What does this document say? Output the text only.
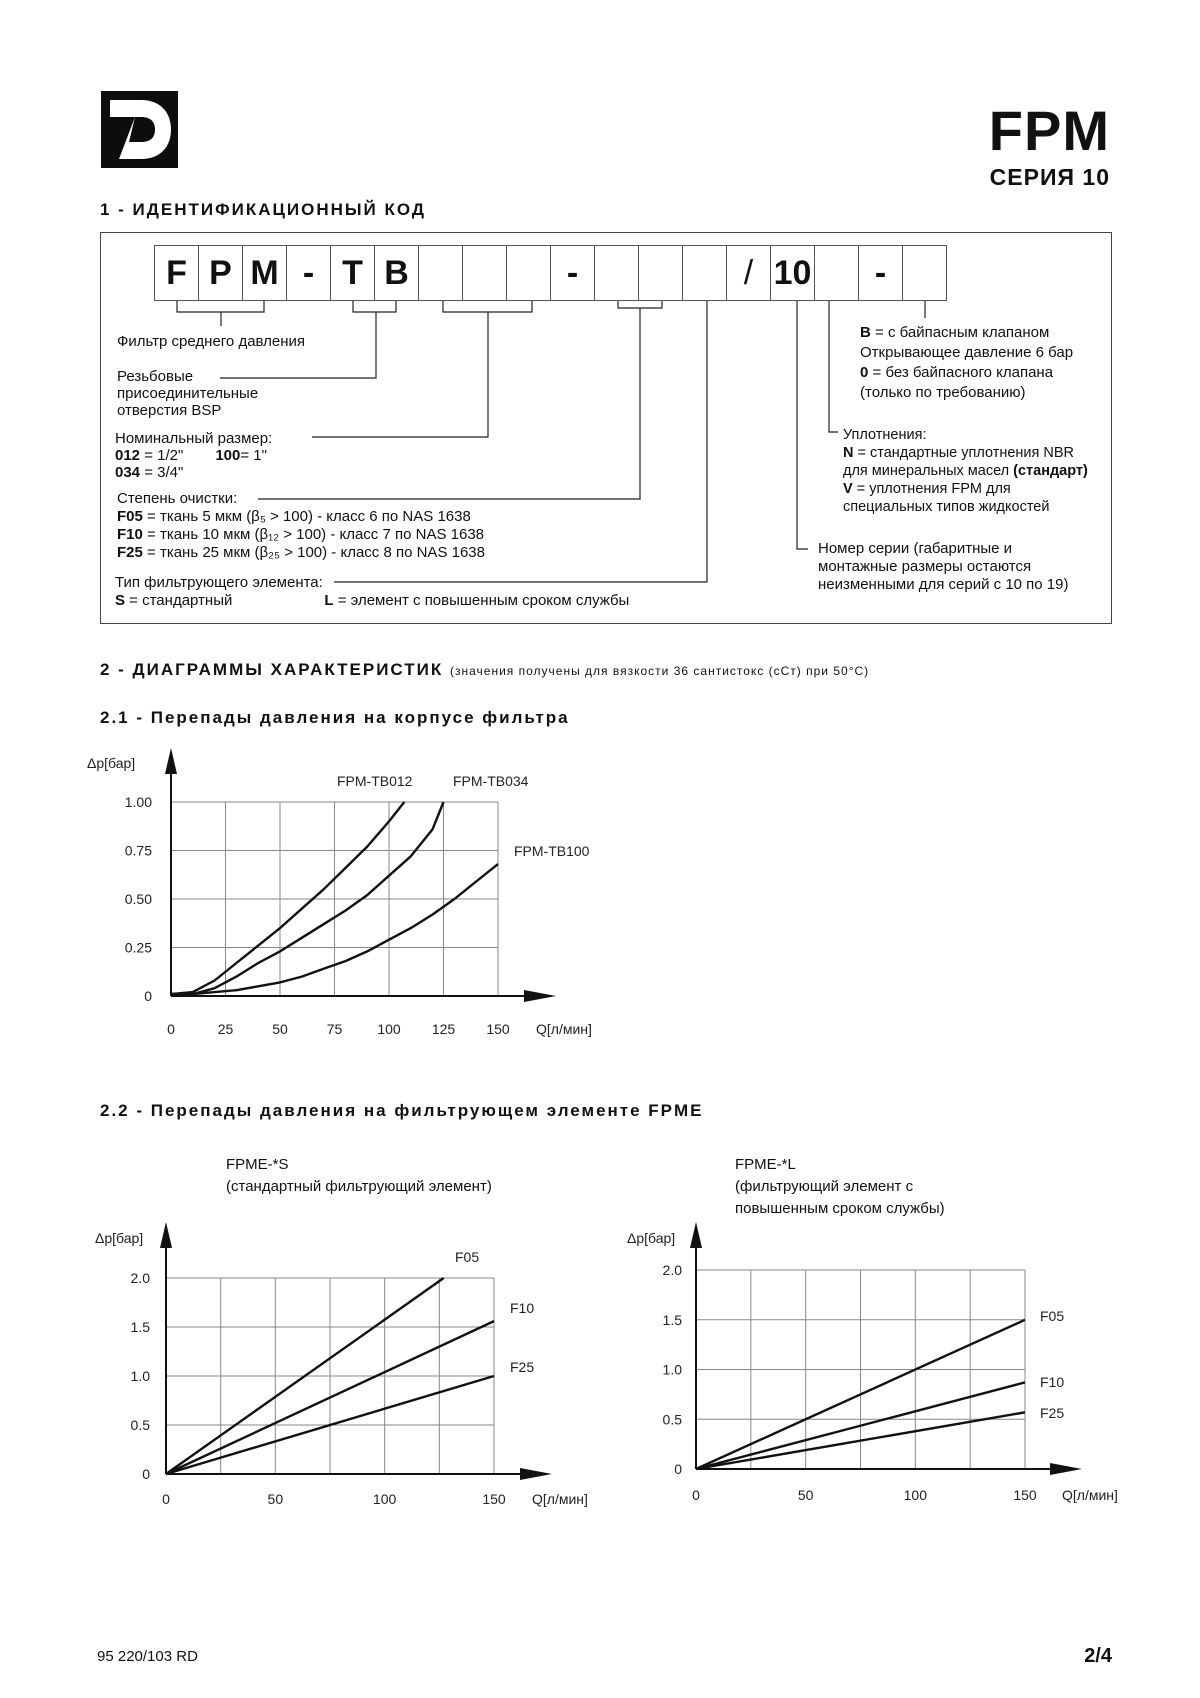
FPM
СЕРИЯ 10
1 - ИДЕНТИФИКАЦИОННЫЙ КОД
F P M - T B	-	/ 10	-
Фильтр среднего давления
Резьбовые
присоединительные
отверстия BSP
Номинальный размер:
012 = 1/2" 100= 1"
034 = 3/4"
Степень очистки:
F05 = ткань 5 мкм (β₅ > 100) - класс 6 по NAS 1638
F10 = ткань 10 мкм (β₁₂ > 100) - класс 7 по NAS 1638
F25 = ткань 25 мкм (β₂₅ > 100) - класс 8 по NAS 1638
Тип фильтрующего элемента:
S = стандартный	L = элемент с повышенным сроком службы
B = с байпасным клапаном
Открывающее давление 6 бар
0 = без байпасного клапана
(только по требованию)
Уплотнения:
N = стандартные уплотнения NBR
для минеральных масел (стандарт)
V = уплотнения FPM для
специальных типов жидкостей
Номер серии (габаритные и
монтажные размеры остаются
неизменными для серий с 10 по 19)
2 - ДИАГРАММЫ ХАРАКТЕРИСТИК (значения получены для вязкости 36 сантистокс (сСт) при 50°С)
2.1 - Перепады давления на корпусе фильтра
2.2 - Перепады давления на фильтрующем элементе FPME
FPME-*S
(стандартный фильтрующий элемент)
FPME-*L
(фильтрующий элемент с
повышенным сроком службы)
0
0.25
0.50
0.75
1.00
0	25	50	75	100 125 150
Δp[бар]
Q[л/мин]
FPM-TB012	FPM-TB034
FPM-TB100
0
0.5
1.0
1.5
2.0
0	50	100	150
Δp[бар]
Q[л/мин]
F05
F10
F25
0
0.5
1.0
1.5
2.0
0	50	100	150
Δp[бар]
Q[л/мин]
F05
F10
F25
95 220/103 RD	2/4
